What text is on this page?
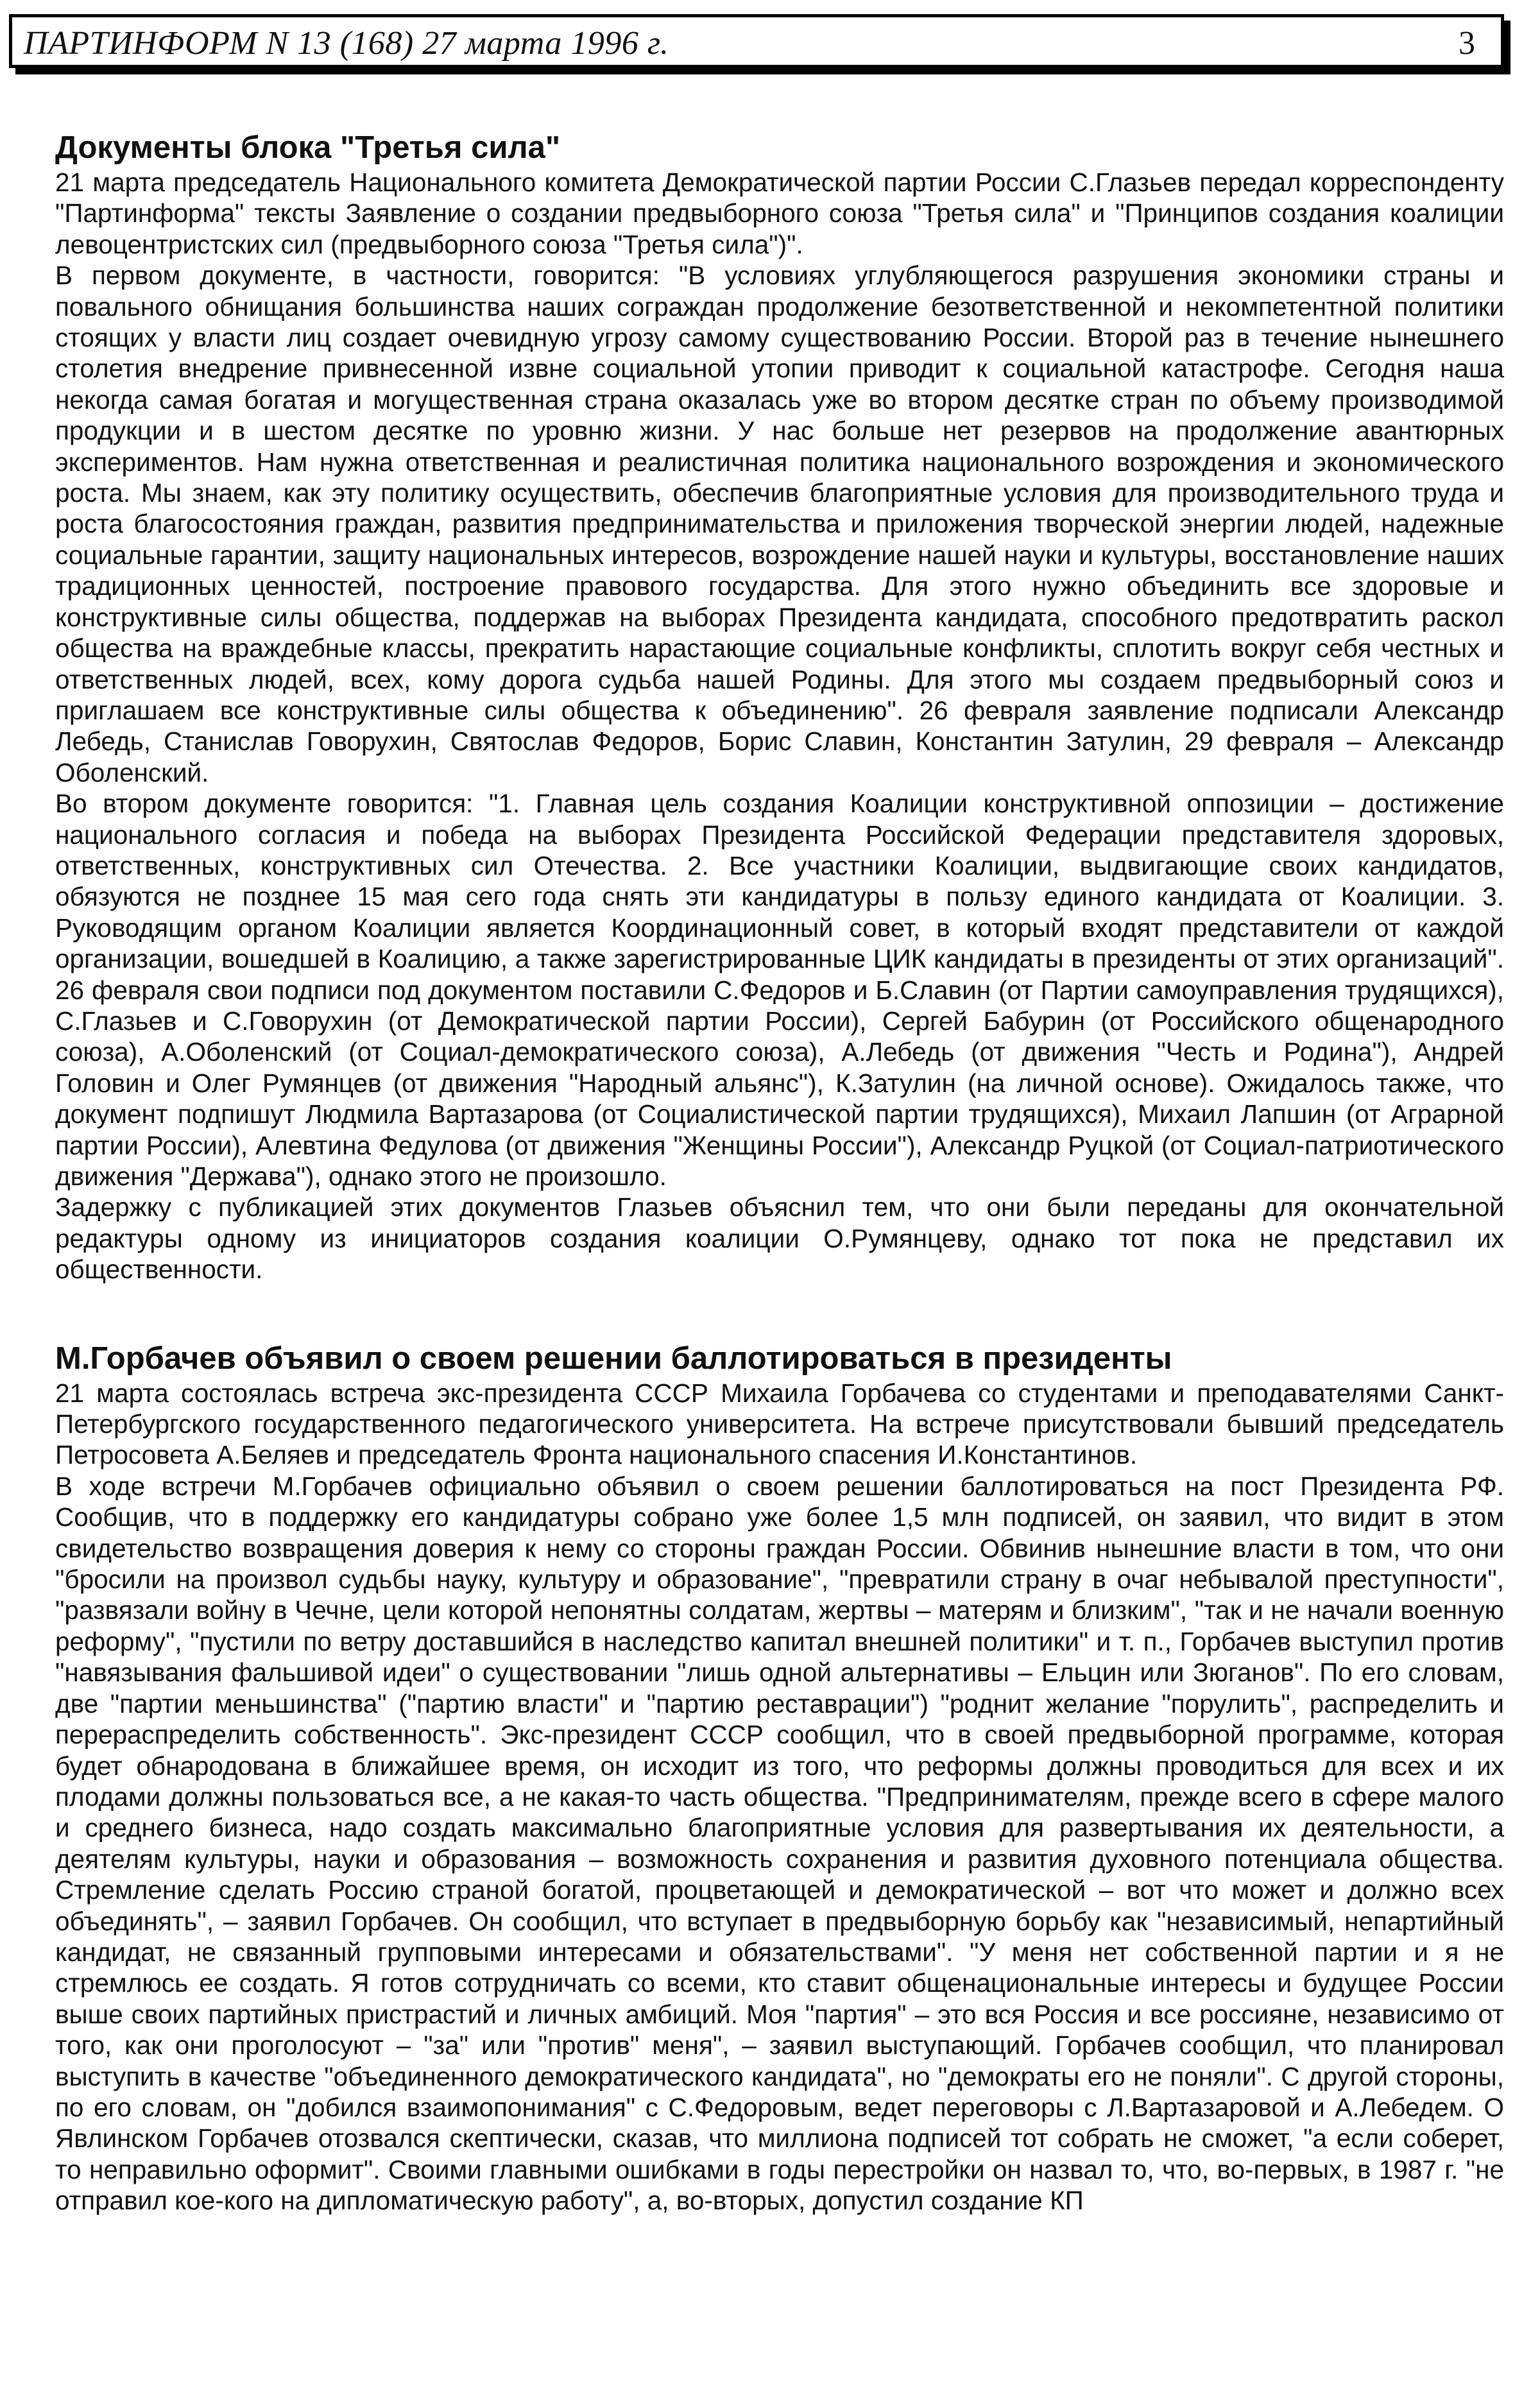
ПАРТИНФОРМ N 13 (168) 27 марта 1996 г.	3
Документы блока "Третья сила"

21 марта председатель Национального комитета Демократической партии России С.Глазьев передал корреспонденту "Партинформа" тексты Заявление о создании предвыборного союза "Третья сила" и "Принципов создания коалиции левоцентристских сил (предвыборного союза "Третья сила")".

В первом документе, в частности, говорится: "В условиях углубляющегося разрушения экономики страны и повального обнищания большинства наших сограждан продолжение безответственной и некомпетентной политики стоящих у власти лиц создает очевидную угрозу самому существованию России. Второй раз в течение нынешнего столетия внедрение привнесенной извне социальной утопии приводит к социальной катастрофе. Сегодня наша некогда самая богатая и могущественная страна оказалась уже во втором десятке стран по объему производимой продукции и в шестом десятке по уровню жизни. У нас больше нет резервов на продолжение авантюрных экспериментов. Нам нужна ответственная и реалистичная политика национального возрождения и экономического роста. Мы знаем, как эту политику осуществить, обеспечив благоприятные условия для производительного труда и роста благосостояния граждан, развития предпринимательства и приложения творческой энергии людей, надежные социальные гарантии, защиту национальных интересов, возрождение нашей науки и культуры, восстановление наших традиционных ценностей, построение правового государства. Для этого нужно объединить все здоровые и конструктивные силы общества, поддержав на выборах Президента кандидата, способного предотвратить раскол общества на враждебные классы, прекратить нарастающие социальные конфликты, сплотить вокруг себя честных и ответственных людей, всех, кому дорога судьба нашей Родины. Для этого мы создаем предвыборный союз и приглашаем все конструктивные силы общества к объединению". 26 февраля заявление подписали Александр Лебедь, Станислав Говорухин, Святослав Федоров, Борис Славин, Константин Затулин, 29 февраля – Александр Оболенский.

Во втором документе говорится: "1. Главная цель создания Коалиции конструктивной оппозиции – достижение национального согласия и победа на выборах Президента Российской Федерации представителя здоровых, ответственных, конструктивных сил Отечества. 2. Все участники Коалиции, выдвигающие своих кандидатов, обязуются не позднее 15 мая сего года снять эти кандидатуры в пользу единого кандидата от Коалиции. 3. Руководящим органом Коалиции является Координационный совет, в который входят представители от каждой организации, вошедшей в Коалицию, а также зарегистрированные ЦИК кандидаты в президенты от этих организаций". 26 февраля свои подписи под документом поставили С.Федоров и Б.Славин (от Партии самоуправления трудящихся), С.Глазьев и С.Говорухин (от Демократической партии России), Сергей Бабурин (от Российского общенародного союза), А.Оболенский (от Социал-демократического союза), А.Лебедь (от движения "Честь и Родина"), Андрей Головин и Олег Румянцев (от движения "Народный альянс"), К.Затулин (на личной основе). Ожидалось также, что документ подпишут Людмила Вартазарова (от Социалистической партии трудящихся), Михаил Лапшин (от Аграрной партии России), Алевтина Федулова (от движения "Женщины России"), Александр Руцкой (от Социал-патриотического движения "Держава"), однако этого не произошло.

Задержку с публикацией этих документов Глазьев объяснил тем, что они были переданы для окончательной редактуры одному из инициаторов создания коалиции О.Румянцеву, однако тот пока не представил их общественности.

М.Горбачев объявил о своем решении баллотироваться в президенты

21 марта состоялась встреча экс-президента СССР Михаила Горбачева со студентами и преподавателями Санкт-Петербургского государственного педагогического университета. На встрече присутствовали бывший председатель Петросовета А.Беляев и председатель Фронта национального спасения И.Константинов.

В ходе встречи М.Горбачев официально объявил о своем решении баллотироваться на пост Президента РФ. Сообщив, что в поддержку его кандидатуры собрано уже более 1,5 млн подписей, он заявил, что видит в этом свидетельство возвращения доверия к нему со стороны граждан России. Обвинив нынешние власти в том, что они "бросили на произвол судьбы науку, культуру и образование", "превратили страну в очаг небывалой преступности", "развязали войну в Чечне, цели которой непонятны солдатам, жертвы – матерям и близким", "так и не начали военную реформу", "пустили по ветру доставшийся в наследство капитал внешней политики" и т. п., Горбачев выступил против "навязывания фальшивой идеи" о существовании "лишь одной альтернативы – Ельцин или Зюганов". По его словам, две "партии меньшинства" ("партию власти" и "партию реставрации") "роднит желание "порулить", распределить и перераспределить собственность". Экс-президент СССР сообщил, что в своей предвыборной программе, которая будет обнародована в ближайшее время, он исходит из того, что реформы должны проводиться для всех и их плодами должны пользоваться все, а не какая-то часть общества. "Предпринимателям, прежде всего в сфере малого и среднего бизнеса, надо создать максимально благоприятные условия для развертывания их деятельности, а деятелям культуры, науки и образования – возможность сохранения и развития духовного потенциала общества. Стремление сделать Россию страной богатой, процветающей и демократической – вот что может и должно всех объединять", – заявил Горбачев. Он сообщил, что вступает в предвыборную борьбу как "независимый, непартийный кандидат, не связанный групповыми интересами и обязательствами". "У меня нет собственной партии и я не стремлюсь ее создать. Я готов сотрудничать со всеми, кто ставит общенациональные интересы и будущее России выше своих партийных пристрастий и личных амбиций. Моя "партия" – это вся Россия и все россияне, независимо от того, как они проголосуют – "за" или "против" меня", – заявил выступающий. Горбачев сообщил, что планировал выступить в качестве "объединенного демократического кандидата", но "демократы его не поняли". С другой стороны, по его словам, он "добился взаимопонимания" с С.Федоровым, ведет переговоры с Л.Вартазаровой и А.Лебедем. О Явлинском Горбачев отозвался скептически, сказав, что миллиона подписей тот собрать не сможет, "а если соберет, то неправильно оформит". Своими главными ошибками в годы перестройки он назвал то, что, во-первых, в 1987 г. "не отправил кое-кого на дипломатическую работу", а, во-вторых, допустил создание КП
